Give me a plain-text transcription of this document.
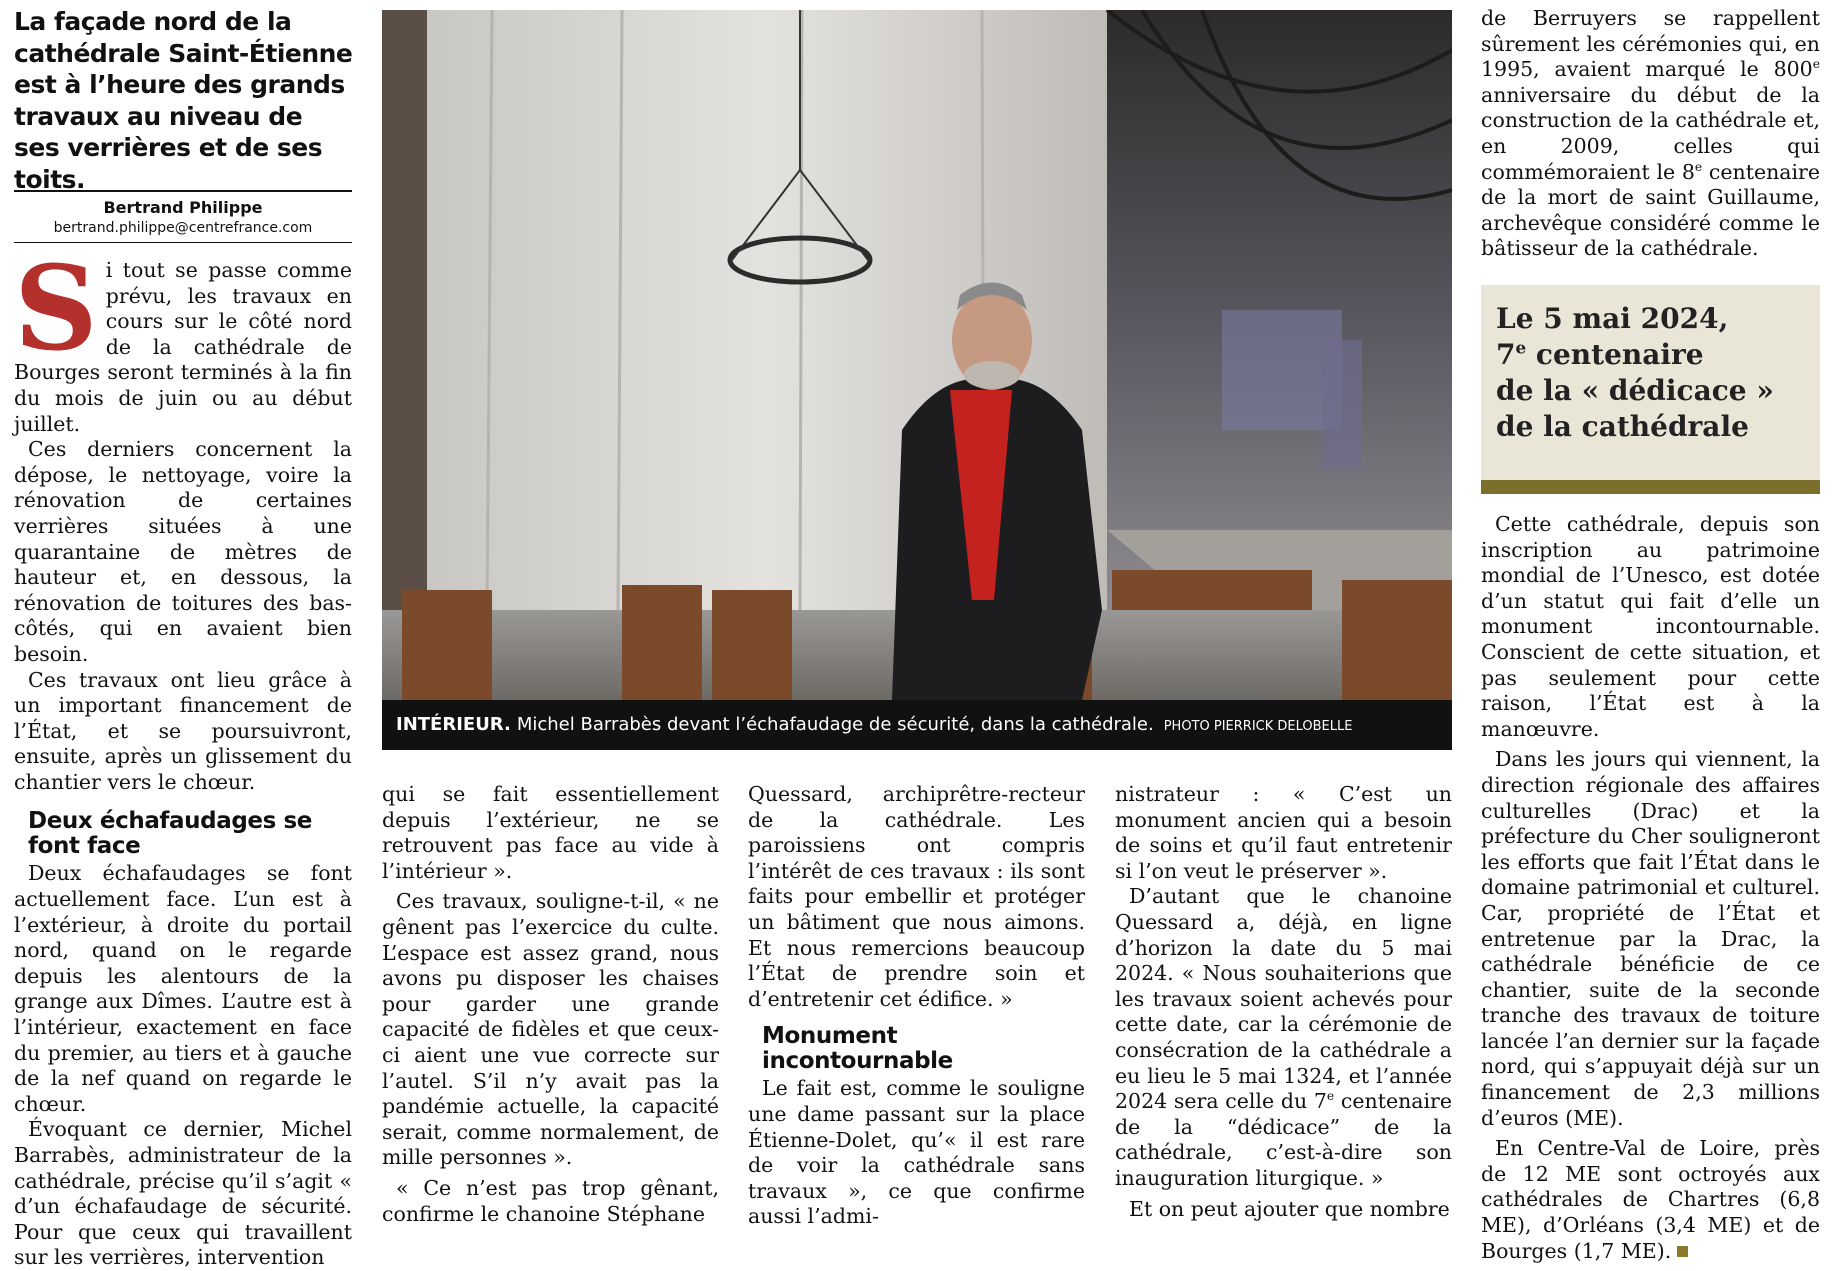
La façade nord de la cathédrale Saint-Étienne est à l’heure des grands travaux au niveau de ses verrières et de ses toits.
Bertrand Philippe
bertrand.philippe@centrefrance.com
S i tout se passe comme prévu, les travaux en cours sur le côté nord de la cathédrale de Bourges seront terminés à la fin du mois de juin ou au début juillet.

Ces derniers concernent la dépose, le nettoyage, voire la rénovation de certaines verrières situées à une quarantaine de mètres de hauteur et, en dessous, la rénovation de toitures des bas-côtés, qui en avaient bien besoin.

Ces travaux ont lieu grâce à un important financement de l’État, et se poursuivront, ensuite, après un glissement du chantier vers le chœur.

Deux échafaudages se font face

Deux échafaudages se font actuellement face. L’un est à l’extérieur, à droite du portail nord, quand on le regarde depuis les alentours de la grange aux Dîmes. L’autre est à l’intérieur, exactement en face du premier, au tiers et à gauche de la nef quand on regarde le chœur.

Évoquant ce dernier, Michel Barrabès, administrateur de la cathédrale, précise qu’il s’agit « d’un échafaudage de sécurité. Pour que ceux qui travaillent sur les verrières, intervention

INTÉRIEUR. Michel Barrabès devant l’échafaudage de sécurité, dans la cathédrale. PHOTO PIERRICK DELOBELLE

qui se fait essentiellement depuis l’extérieur, ne se retrouvent pas face au vide à l’intérieur ».

Ces travaux, souligne-t-il, « ne gênent pas l’exercice du culte. L’espace est assez grand, nous avons pu disposer les chaises pour garder une grande capacité de fidèles et que ceux-ci aient une vue correcte sur l’autel. S’il n’y avait pas la pandémie actuelle, la capacité serait, comme normalement, de mille personnes ».

« Ce n’est pas trop gênant, confirme le chanoine Stéphane

Quessard, archiprêtre-recteur de la cathédrale. Les paroissiens ont compris l’intérêt de ces travaux : ils sont faits pour embellir et protéger un bâtiment que nous aimons. Et nous remercions beaucoup l’État de prendre soin et d’entretenir cet édifice. »

Monument incontournable

Le fait est, comme le souligne une dame passant sur la place Étienne-Dolet, qu’« il est rare de voir la cathédrale sans travaux », ce que confirme aussi l’admi-

nistrateur : « C’est un monument ancien qui a besoin de soins et qu’il faut entretenir si l’on veut le préserver ».

D’autant que le chanoine Quessard a, déjà, en ligne d’horizon la date du 5 mai 2024. « Nous souhaiterions que les travaux soient achevés pour cette date, car la cérémonie de consécration de la cathédrale a eu lieu le 5 mai 1324, et l’année 2024 sera celle du 7e centenaire de la “dédicace” de la cathédrale, c’est-à-dire son inauguration liturgique. »

Et on peut ajouter que nombre

de Berruyers se rappellent sûrement les cérémonies qui, en 1995, avaient marqué le 800e anniversaire du début de la construction de la cathédrale et, en 2009, celles qui commémoraient le 8e centenaire de la mort de saint Guillaume, archevêque considéré comme le bâtisseur de la cathédrale.

Le 5 mai 2024,
7e centenaire
de la « dédicace »
de la cathédrale

Cette cathédrale, depuis son inscription au patrimoine mondial de l’Unesco, est dotée d’un statut qui fait d’elle un monument incontournable. Conscient de cette situation, et pas seulement pour cette raison, l’État est à la manœuvre.

Dans les jours qui viennent, la direction régionale des affaires culturelles (Drac) et la préfecture du Cher souligneront les efforts que fait l’État dans le domaine patrimonial et culturel. Car, propriété de l’État et entretenue par la Drac, la cathédrale bénéficie de ce chantier, suite de la seconde tranche des travaux de toiture lancée l’an dernier sur la façade nord, qui s’appuyait déjà sur un financement de 2,3 millions d’euros (ME).

En Centre-Val de Loire, près de 12 ME sont octroyés aux cathédrales de Chartres (6,8 ME), d’Orléans (3,4 ME) et de Bourges (1,7 ME).
